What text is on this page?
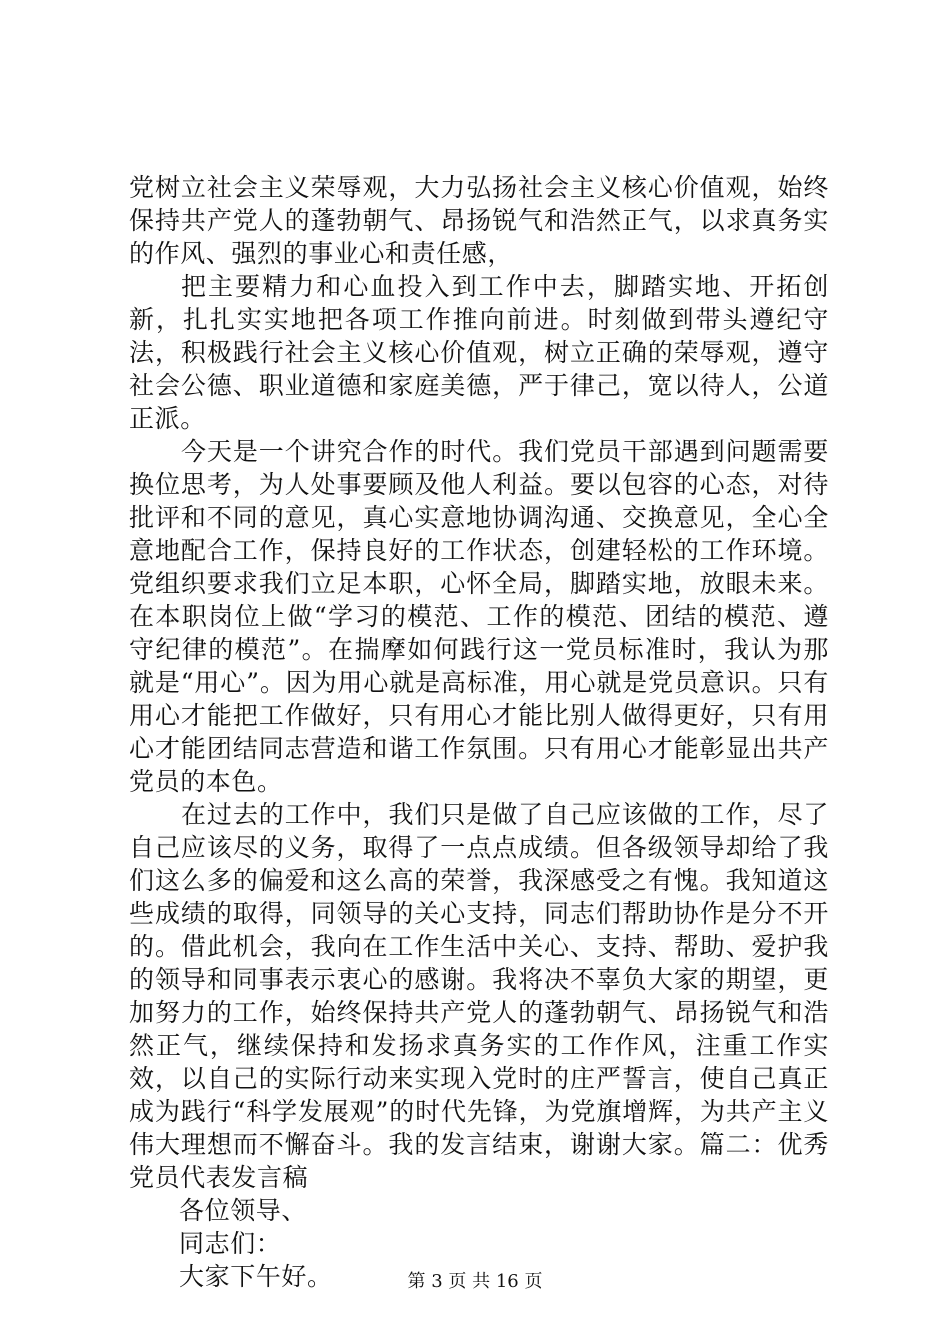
党树立社会主义荣辱观，大力弘扬社会主义核心价值观，始终保持共产党人的蓬勃朝气、昂扬锐气和浩然正气，以求真务实的作风、强烈的事业心和责任感，

把主要精力和心血投入到工作中去，脚踏实地、开拓创新，扎扎实实地把各项工作推向前进。时刻做到带头遵纪守法，积极践行社会主义核心价值观，树立正确的荣辱观，遵守社会公德、职业道德和家庭美德，严于律己，宽以待人，公道正派。

今天是一个讲究合作的时代。我们党员干部遇到问题需要换位思考，为人处事要顾及他人利益。要以包容的心态，对待批评和不同的意见，真心实意地协调沟通、交换意见，全心全意地配合工作，保持良好的工作状态，创建轻松的工作环境。党组织要求我们立足本职，心怀全局，脚踏实地，放眼未来。在本职岗位上做“学习的模范、工作的模范、团结的模范、遵守纪律的模范”。在揣摩如何践行这一党员标准时，我认为那就是“用心”。因为用心就是高标准，用心就是党员意识。只有用心才能把工作做好，只有用心才能比别人做得更好，只有用心才能团结同志营造和谐工作氛围。只有用心才能彰显出共产党员的本色。

在过去的工作中，我们只是做了自己应该做的工作，尽了自己应该尽的义务，取得了一点点成绩。但各级领导却给了我们这么多的偏爱和这么高的荣誉，我深感受之有愧。我知道这些成绩的取得，同领导的关心支持，同志们帮助协作是分不开的。借此机会，我向在工作生活中关心、支持、帮助、爱护我的领导和同事表示衷心的感谢。我将决不辜负大家的期望，更加努力的工作，始终保持共产党人的蓬勃朝气、昂扬锐气和浩然正气，继续保持和发扬求真务实的工作作风，注重工作实效，以自己的实际行动来实现入党时的庄严誓言，使自己真正成为践行“科学发展观”的时代先锋，为党旗增辉，为共产主义伟大理想而不懈奋斗。我的发言结束，谢谢大家。篇二：优秀党员代表发言稿

各位领导、

同志们：

大家下午好。	第 3 页 共 16 页
